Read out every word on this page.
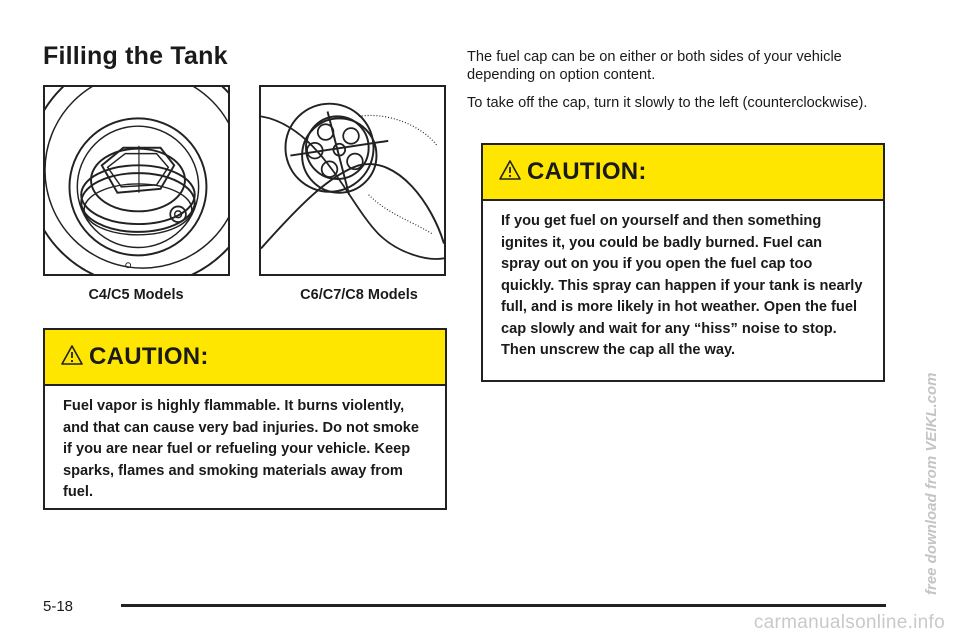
Filling the Tank
C4/C5 Models	C6/C7/C8 Models
CAUTION:
Fuel vapor is highly flammable. It burns violently, and that can cause very bad injuries. Do not smoke if you are near fuel or refueling your vehicle. Keep sparks, flames and smoking materials away from fuel.

The fuel cap can be on either or both sides of your vehicle depending on option content.

To take off the cap, turn it slowly to the left (counterclockwise).

CAUTION:
If you get fuel on yourself and then something ignites it, you could be badly burned. Fuel can spray out on you if you open the fuel cap too quickly. This spray can happen if your tank is nearly full, and is more likely in hot weather. Open the fuel cap slowly and wait for any “hiss” noise to stop. Then unscrew the cap all the way.
5-18
carmanualsonline.info
free download from VEIKL.com
